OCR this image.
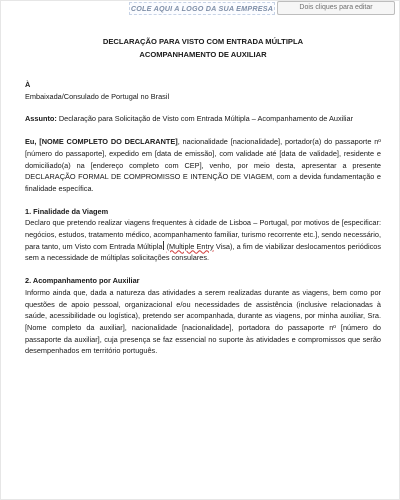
COLE AQUI A LOGO DA SUA EMPRESA	Dois cliques para editar
DECLARAÇÃO PARA VISTO COM ENTRADA MÚLTIPLA
ACOMPANHAMENTO DE AUXILIAR

À

Embaixada/Consulado de Portugal no Brasil

Assunto: Declaração para Solicitação de Visto com Entrada Múltipla – Acompanhamento de Auxiliar

Eu, [NOME COMPLETO DO DECLARANTE], nacionalidade [nacionalidade], portador(a) do passaporte nº [número do passaporte], expedido em [data de emissão], com validade até [data de validade], residente e domiciliado(a) na [endereço completo com CEP], venho, por meio desta, apresentar a presente DECLARAÇÃO FORMAL DE COMPROMISSO E INTENÇÃO DE VIAGEM, com a devida fundamentação e finalidade específica.

1. Finalidade da Viagem

Declaro que pretendo realizar viagens frequentes à cidade de Lisboa – Portugal, por motivos de [especificar: negócios, estudos, tratamento médico, acompanhamento familiar, turismo recorrente etc.], sendo necessário, para tanto, um Visto com Entrada Múltipla (Multiple Entry Visa), a fim de viabilizar deslocamentos periódicos sem a necessidade de múltiplas solicitações consulares.

2. Acompanhamento por Auxiliar

Informo ainda que, dada a natureza das atividades a serem realizadas durante as viagens, bem como por questões de apoio pessoal, organizacional e/ou necessidades de assistência (inclusive relacionadas à saúde, acessibilidade ou logística), pretendo ser acompanhada, durante as viagens, por minha auxiliar, Sra. [Nome completo da auxiliar], nacionalidade [nacionalidade], portadora do passaporte nº [número do passaporte da auxiliar], cuja presença se faz essencial no suporte às atividades e compromissos que serão desempenhados em território português.
